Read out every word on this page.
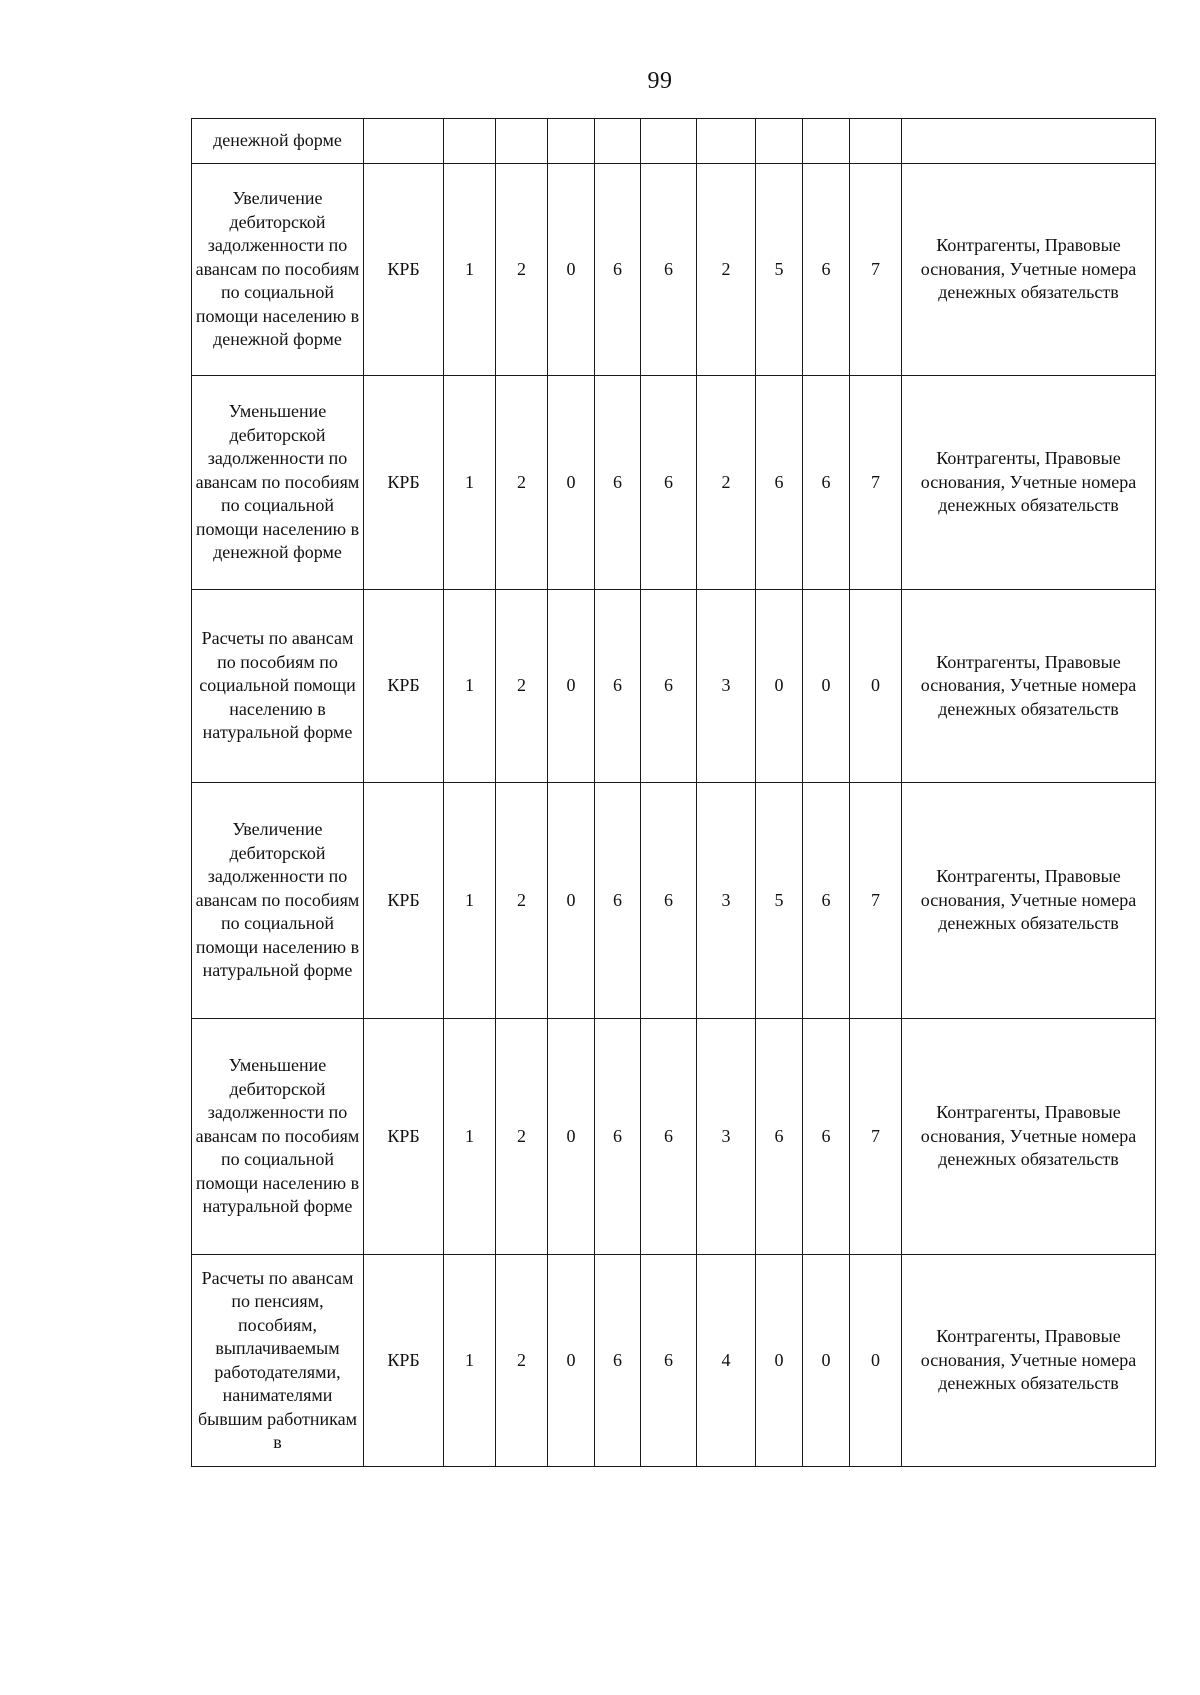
99
денежной форме											
Увеличение дебиторской задолженности по авансам по пособиям по социальной помощи населению в денежной форме	КРБ	1	2	0	6	6	2	5	6	7	Контрагенты, Правовые основания, Учетные номера денежных обязательств
Уменьшение дебиторской задолженности по авансам по пособиям по социальной помощи населению в денежной форме	КРБ	1	2	0	6	6	2	6	6	7	Контрагенты, Правовые основания, Учетные номера денежных обязательств
Расчеты по авансам по пособиям по социальной помощи населению в натуральной форме	КРБ	1	2	0	6	6	3	0	0	0	Контрагенты, Правовые основания, Учетные номера денежных обязательств
Увеличение дебиторской задолженности по авансам по пособиям по социальной помощи населению в натуральной форме	КРБ	1	2	0	6	6	3	5	6	7	Контрагенты, Правовые основания, Учетные номера денежных обязательств
Уменьшение дебиторской задолженности по авансам по пособиям по социальной помощи населению в натуральной форме	КРБ	1	2	0	6	6	3	6	6	7	Контрагенты, Правовые основания, Учетные номера денежных обязательств
Расчеты по авансам по пенсиям, пособиям, выплачиваемым работодателями, нанимателями бывшим работникам в	КРБ	1	2	0	6	6	4	0	0	0	Контрагенты, Правовые основания, Учетные номера денежных обязательств
